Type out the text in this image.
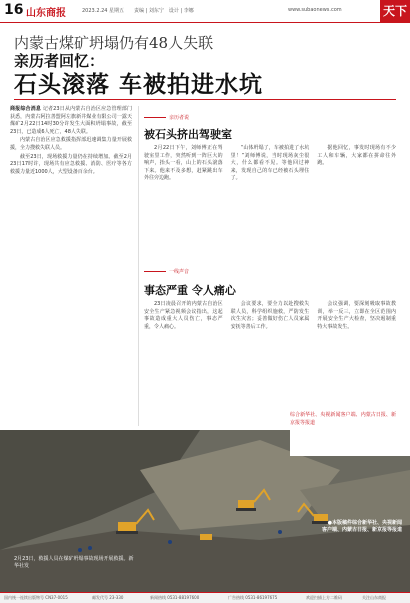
16 山东商报	2023.2.24 星期五　　责编 | 刘东宁　设计 | 李娜	www.subaonews.com	天下
内蒙古煤矿坍塌仍有48人失联
亲历者回忆：
石头滚落 车被拍进水坑

商报综合消息 记者23日从内蒙古自治区应急管理部门获悉，内蒙古阿拉善盟阿左旗新井煤业有限公司一露天煤矿2月22日14时30分许发生大面积坍塌事故，截至23日，已造成6人死亡，48人失联。

内蒙古自治区应急救援指挥部迅速调集力量开展救援，全力搜救失联人员。

截至23日，现场救援力量仍在持续增加。截至2月23日17时许，现场共有应急救援、消防、医疗等各方救援力量近1000人，大型设备百余台。

亲历者说
被石头挤出驾驶室

2月22日下午，刘师傅正在驾驶室里工作，突然听到一阵巨大的响声，抬头一看，山上的石头滚落下来。他来不及多想，赶紧跳出车外往旁边跑。

“山体坍塌了，车被拍进了水坑里！”刘师傅说，当时现场灰尘很大，什么都看不见。等他回过神来，发现自己的车已经被石头埋住了。

据他回忆，事发时现场有不少工人和车辆，大家都在拼命往外跑。

一线声音
事态严重 令人痛心

23日凌晨召开的内蒙古自治区安全生产紧急视频会议指出，这起事故造成重大人员伤亡，事态严重，令人痛心。

会议要求，要全力以赴搜救失联人员，科学组织施救，严防发生次生灾害；妥善做好伤亡人员家属安抚等善后工作。

会议强调，要深刻吸取事故教训，举一反三，立即在全区范围内开展安全生产大检查，坚决遏制重特大事故发生。

综合新华社、央视新闻客户端、内蒙古日报、新京报等报道
●本版稿件综合新华社、央视新闻
客户端、内蒙古日报、新京报等报道
2月23日，救援人员在煤矿坍塌事故现场开展救援。新华社发
国内统一连续出版物号 CN37-0015	邮发代号 23-330	新闻热线 0531-88197600	广告热线 0531-86197675	欢迎扫描上方二维码	关注山东商报
